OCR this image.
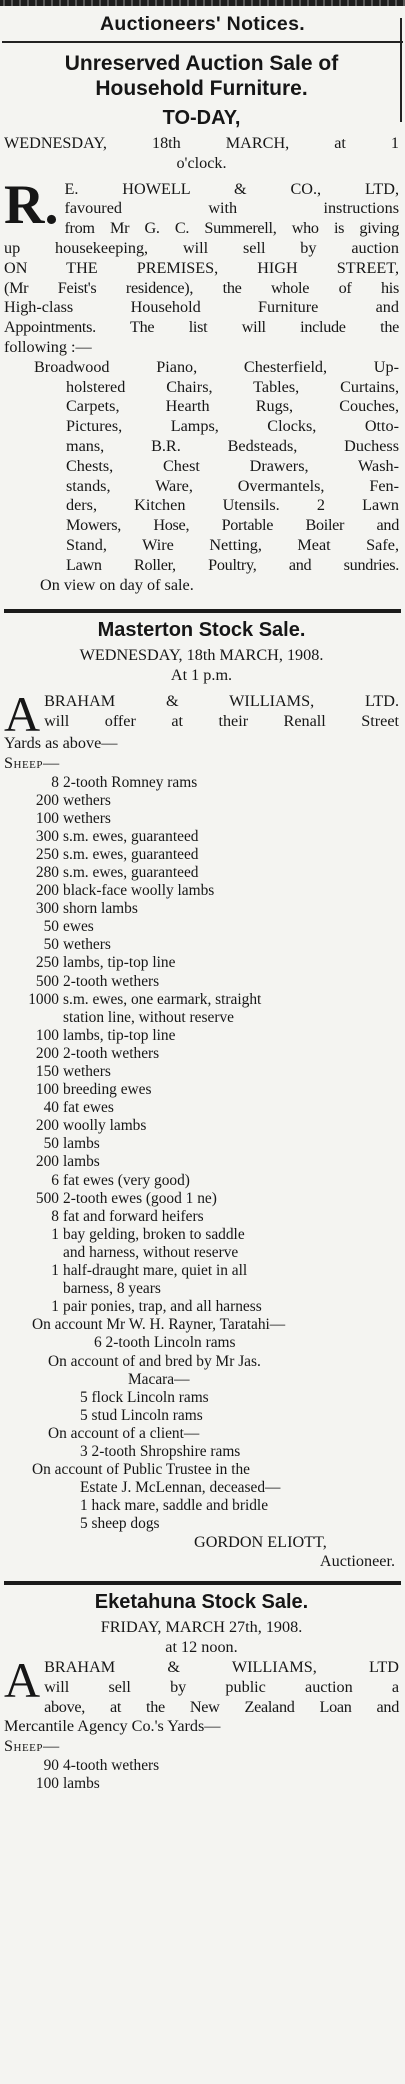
Auctioneers' Notices.
Unreserved Auction Sale of
Household Furniture.
TO-DAY,
WEDNESDAY, 18th MARCH, at 1
o'clock.
R. E. HOWELL & CO., LTD,
favoured with instructions
from Mr G. C. Summerell, who is giving
up housekeeping, will sell by auction
ON THE PREMISES, HIGH STREET,
(Mr Feist's residence), the whole of his
High-class Household Furniture and
Appointments. The list will include the
following :—
Broadwood Piano, Chesterfield, Up-
holstered Chairs, Tables, Curtains,
Carpets, Hearth Rugs, Couches,
Pictures, Lamps, Clocks, Otto-
mans, B.R. Bedsteads, Duchess
Chests, Chest Drawers, Wash-
stands, Ware, Overmantels, Fen-
ders, Kitchen Utensils. 2 Lawn
Mowers, Hose, Portable Boiler and
Stand, Wire Netting, Meat Safe,
Lawn Roller, Poultry, and sundries.
On view on day of sale.
Masterton Stock Sale.
WEDNESDAY, 18th MARCH, 1908.
At 1 p.m.
A BRAHAM & WILLIAMS, LTD.
will offer at their Renall Street
Yards as above—
Sheep—
8 2-tooth Romney rams
200 wethers
100 wethers
300 s.m. ewes, guaranteed
250 s.m. ewes, guaranteed
280 s.m. ewes, guaranteed
200 black-face woolly lambs
300 shorn lambs
50 ewes
50 wethers
250 lambs, tip-top line
500 2-tooth wethers
1000 s.m. ewes, one earmark, straight
station line, without reserve
100 lambs, tip-top line
200 2-tooth wethers
150 wethers
100 breeding ewes
40 fat ewes
200 woolly lambs
50 lambs
200 lambs
6 fat ewes (very good)
500 2-tooth ewes (good 1 ne)
8 fat and forward heifers
1 bay gelding, broken to saddle
and harness, without reserve
1 half-draught mare, quiet in all
barness, 8 years
1 pair ponies, trap, and all harness
On account Mr W. H. Rayner, Taratahi—
6 2-tooth Lincoln rams
On account of and bred by Mr Jas.
Macara—
5 flock Lincoln rams
5 stud Lincoln rams
On account of a client—
3 2-tooth Shropshire rams
On account of Public Trustee in the
Estate J. McLennan, deceased—
1 hack mare, saddle and bridle
5 sheep dogs
GORDON ELIOTT,
Auctioneer.
Eketahuna Stock Sale.
FRIDAY, MARCH 27th, 1908.
at 12 noon.
A BRAHAM & WILLIAMS, LTD
will sell by public auction a
above, at the New Zealand Loan and
Mercantile Agency Co.'s Yards—
Sheep—
90 4-tooth wethers
100 lambs
